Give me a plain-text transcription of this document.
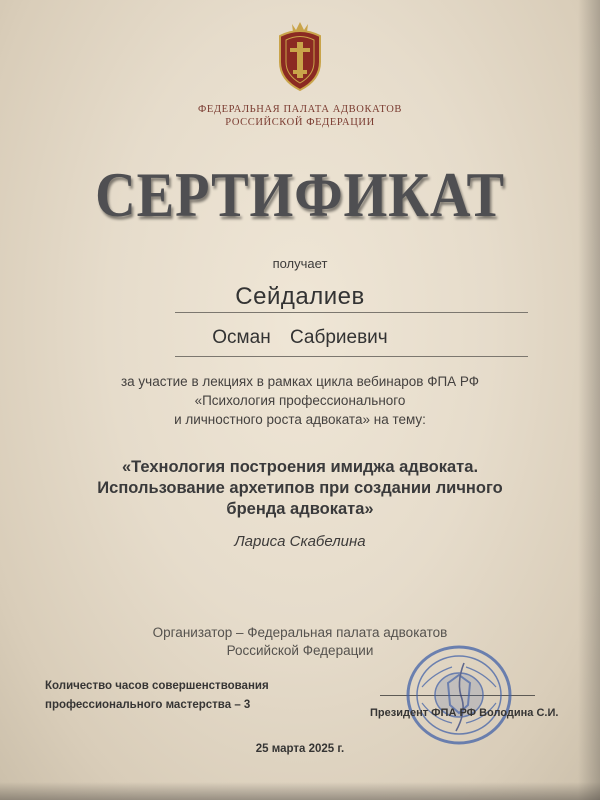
ФЕДЕРАЛЬНАЯ ПАЛАТА АДВОКАТОВ
РОССИЙСКОЙ ФЕДЕРАЦИИ
СЕРТИФИКАТ
получает
Сейдалиев
Осман Сабриевич
за участие в лекциях в рамках цикла вебинаров ФПА РФ
«Психология профессионального
и личностного роста адвоката» на тему:
«Технология построения имиджа адвоката.
Использование архетипов при создании личного
бренда адвоката»
Лариса Скабелина
Организатор – Федеральная палата адвокатов
Российской Федерации
Количество часов совершенствования
профессионального мастерства – 3
Президент ФПА РФ Володина С.И.
25 марта 2025 г.
